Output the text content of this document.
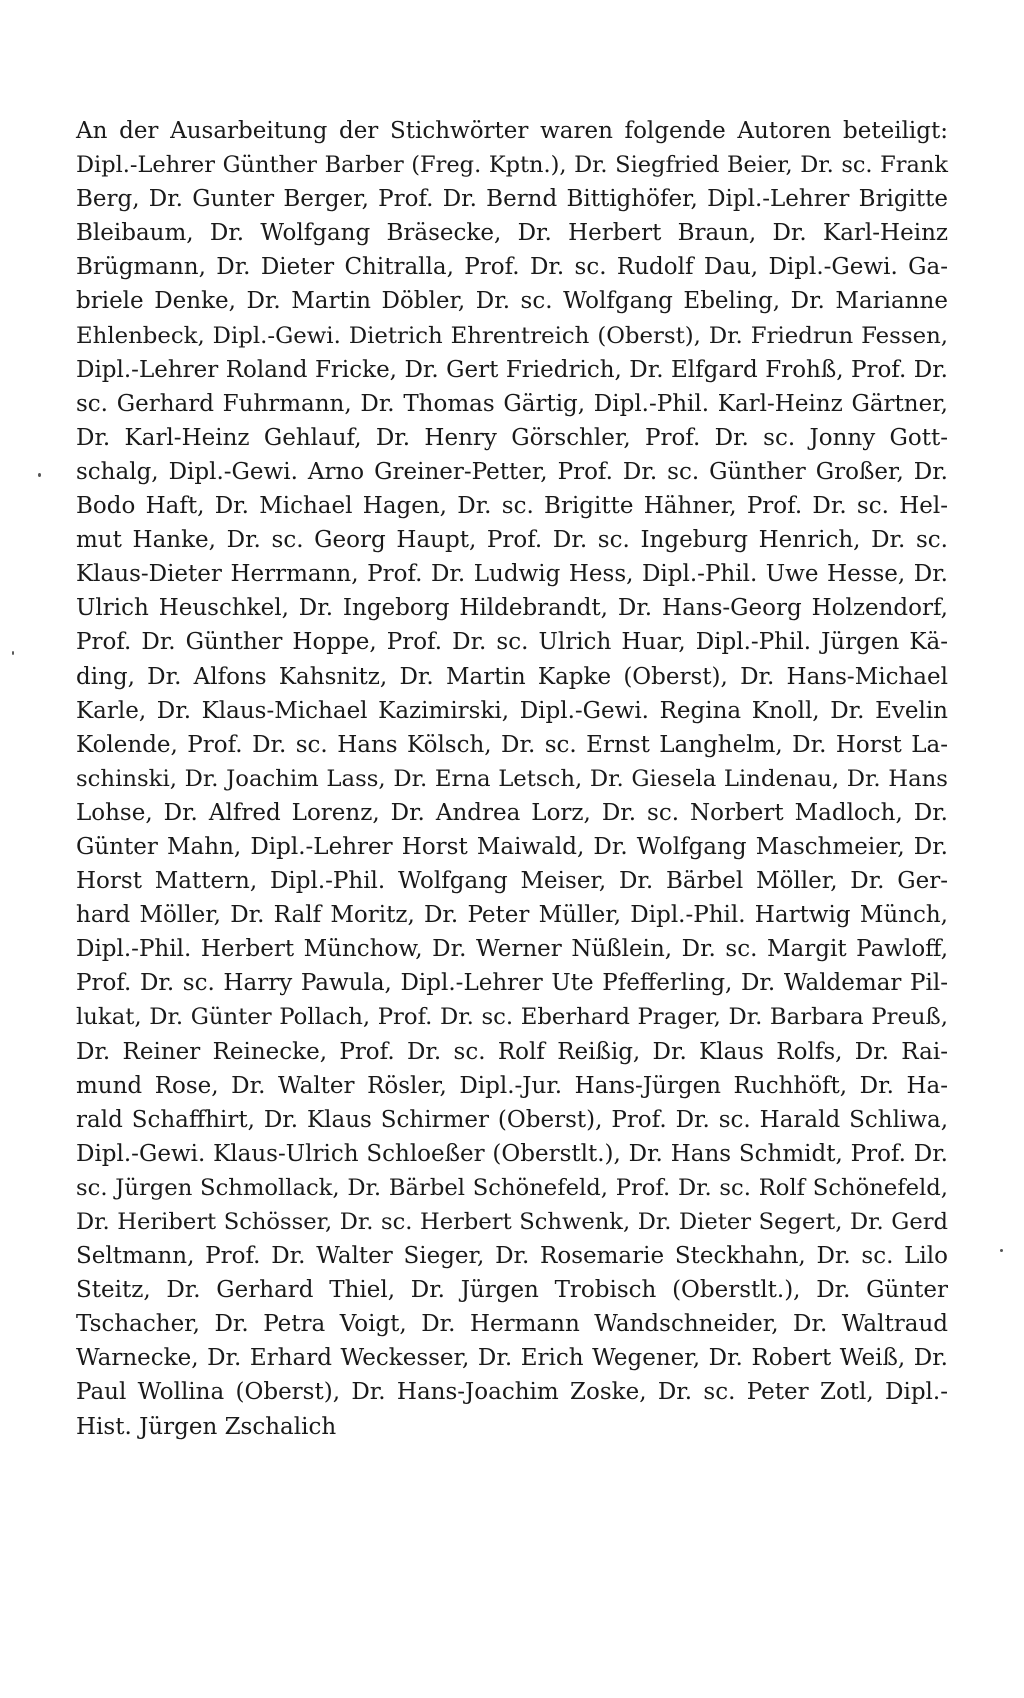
An der Ausarbeitung der Stichwörter waren folgende Autoren beteiligt:
Dipl.-Lehrer Günther Barber (Freg. Kptn.), Dr. Siegfried Beier, Dr. sc. Frank
Berg, Dr. Gunter Berger, Prof. Dr. Bernd Bittighöfer, Dipl.-Lehrer Brigitte
Bleibaum, Dr. Wolfgang Bräsecke, Dr. Herbert Braun, Dr. Karl-Heinz
Brügmann, Dr. Dieter Chitralla, Prof. Dr. sc. Rudolf Dau, Dipl.-Gewi. Ga-
briele Denke, Dr. Martin Döbler, Dr. sc. Wolfgang Ebeling, Dr. Marianne
Ehlenbeck, Dipl.-Gewi. Dietrich Ehrentreich (Oberst), Dr. Friedrun Fessen,
Dipl.-Lehrer Roland Fricke, Dr. Gert Friedrich, Dr. Elfgard Frohß, Prof. Dr.
sc. Gerhard Fuhrmann, Dr. Thomas Gärtig, Dipl.-Phil. Karl-Heinz Gärtner,
Dr. Karl-Heinz Gehlauf, Dr. Henry Görschler, Prof. Dr. sc. Jonny Gott-
schalg, Dipl.-Gewi. Arno Greiner-Petter, Prof. Dr. sc. Günther Großer, Dr.
Bodo Haft, Dr. Michael Hagen, Dr. sc. Brigitte Hähner, Prof. Dr. sc. Hel-
mut Hanke, Dr. sc. Georg Haupt, Prof. Dr. sc. Ingeburg Henrich, Dr. sc.
Klaus-Dieter Herrmann, Prof. Dr. Ludwig Hess, Dipl.-Phil. Uwe Hesse, Dr.
Ulrich Heuschkel, Dr. Ingeborg Hildebrandt, Dr. Hans-Georg Holzendorf,
Prof. Dr. Günther Hoppe, Prof. Dr. sc. Ulrich Huar, Dipl.-Phil. Jürgen Kä-
ding, Dr. Alfons Kahsnitz, Dr. Martin Kapke (Oberst), Dr. Hans-Michael
Karle, Dr. Klaus-Michael Kazimirski, Dipl.-Gewi. Regina Knoll, Dr. Evelin
Kolende, Prof. Dr. sc. Hans Kölsch, Dr. sc. Ernst Langhelm, Dr. Horst La-
schinski, Dr. Joachim Lass, Dr. Erna Letsch, Dr. Giesela Lindenau, Dr. Hans
Lohse, Dr. Alfred Lorenz, Dr. Andrea Lorz, Dr. sc. Norbert Madloch, Dr.
Günter Mahn, Dipl.-Lehrer Horst Maiwald, Dr. Wolfgang Maschmeier, Dr.
Horst Mattern, Dipl.-Phil. Wolfgang Meiser, Dr. Bärbel Möller, Dr. Ger-
hard Möller, Dr. Ralf Moritz, Dr. Peter Müller, Dipl.-Phil. Hartwig Münch,
Dipl.-Phil. Herbert Münchow, Dr. Werner Nüßlein, Dr. sc. Margit Pawloff,
Prof. Dr. sc. Harry Pawula, Dipl.-Lehrer Ute Pfefferling, Dr. Waldemar Pil-
lukat, Dr. Günter Pollach, Prof. Dr. sc. Eberhard Prager, Dr. Barbara Preuß,
Dr. Reiner Reinecke, Prof. Dr. sc. Rolf Reißig, Dr. Klaus Rolfs, Dr. Rai-
mund Rose, Dr. Walter Rösler, Dipl.-Jur. Hans-Jürgen Ruchhöft, Dr. Ha-
rald Schaffhirt, Dr. Klaus Schirmer (Oberst), Prof. Dr. sc. Harald Schliwa,
Dipl.-Gewi. Klaus-Ulrich Schloeßer (Oberstlt.), Dr. Hans Schmidt, Prof. Dr.
sc. Jürgen Schmollack, Dr. Bärbel Schönefeld, Prof. Dr. sc. Rolf Schönefeld,
Dr. Heribert Schösser, Dr. sc. Herbert Schwenk, Dr. Dieter Segert, Dr. Gerd
Seltmann, Prof. Dr. Walter Sieger, Dr. Rosemarie Steckhahn, Dr. sc. Lilo
Steitz, Dr. Gerhard Thiel, Dr. Jürgen Trobisch (Oberstlt.), Dr. Günter
Tschacher, Dr. Petra Voigt, Dr. Hermann Wandschneider, Dr. Waltraud
Warnecke, Dr. Erhard Weckesser, Dr. Erich Wegener, Dr. Robert Weiß, Dr.
Paul Wollina (Oberst), Dr. Hans-Joachim Zoske, Dr. sc. Peter Zotl, Dipl.-
Hist. Jürgen Zschalich
